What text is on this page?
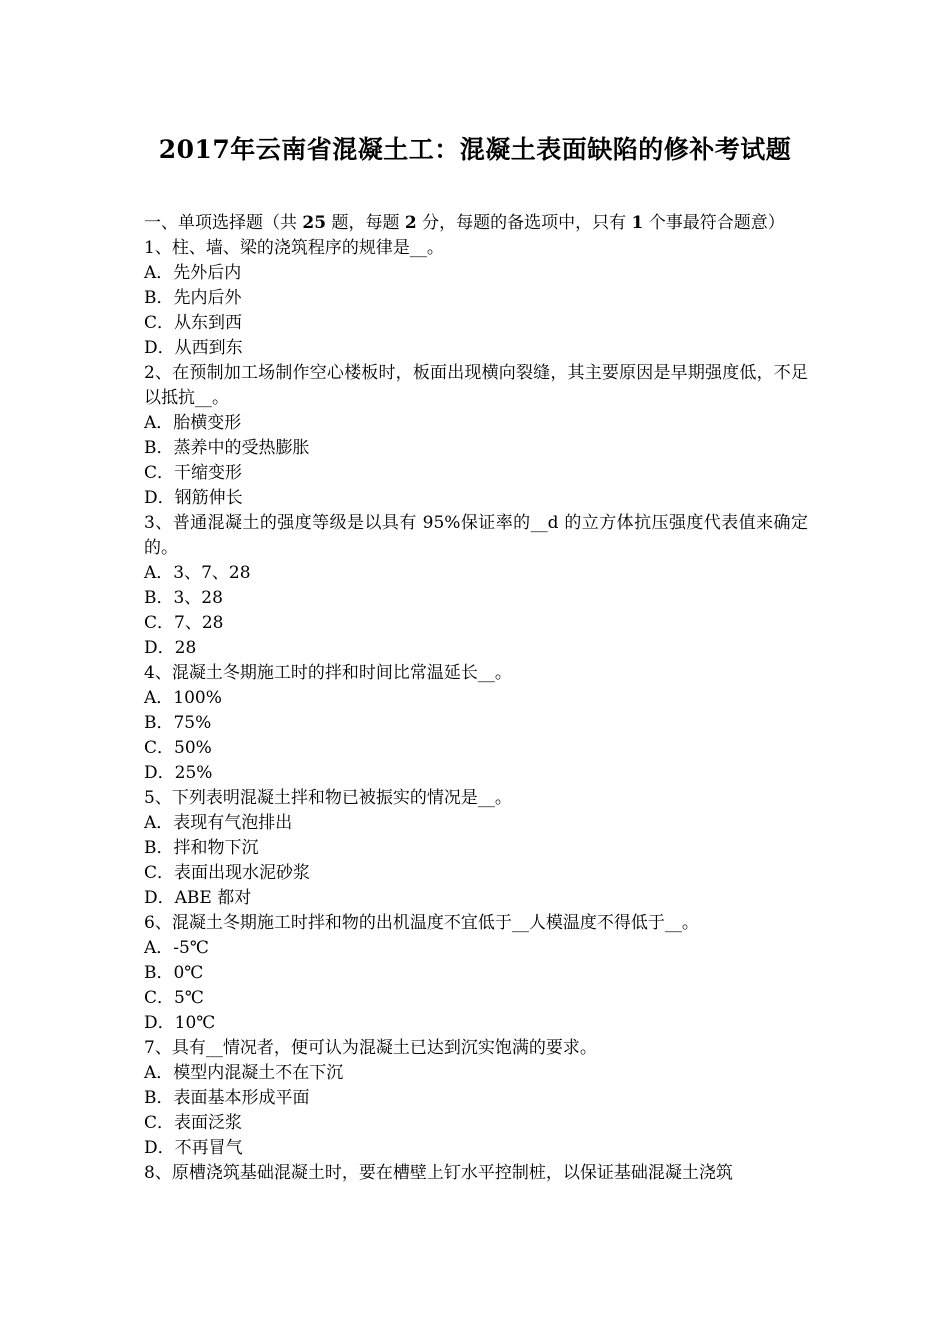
2017年云南省混凝土工：混凝土表面缺陷的修补考试题
一、单项选择题（共 25 题，每题 2 分，每题的备选项中，只有 1 个事最符合题意）
1、柱、墙、梁的浇筑程序的规律是__。
A．先外后内
B．先内后外
C．从东到西
D．从西到东
2、在预制加工场制作空心楼板时，板面出现横向裂缝，其主要原因是早期强度低，不足以抵抗__。
A．胎横变形
B．蒸养中的受热膨胀
C．干缩变形
D．钢筋伸长
3、普通混凝土的强度等级是以具有 95%保证率的__d 的立方体抗压强度代表值来确定的。
A．3、7、28
B．3、28
C．7、28
D．28
4、混凝土冬期施工时的拌和时间比常温延长__。
A．100%
B．75%
C．50%
D．25%
5、下列表明混凝土拌和物已被振实的情况是__。
A．表现有气泡排出
B．拌和物下沉
C．表面出现水泥砂浆
D．ABE 都对
6、混凝土冬期施工时拌和物的出机温度不宜低于__人模温度不得低于__。
A．-5℃
B．0℃
C．5℃
D．10℃
7、具有__情况者，便可认为混凝土已达到沉实饱满的要求。
A．模型内混凝土不在下沉
B．表面基本形成平面
C．表面泛浆
D．不再冒气
8、原槽浇筑基础混凝土时，要在槽壁上钉水平控制桩，以保证基础混凝土浇筑
